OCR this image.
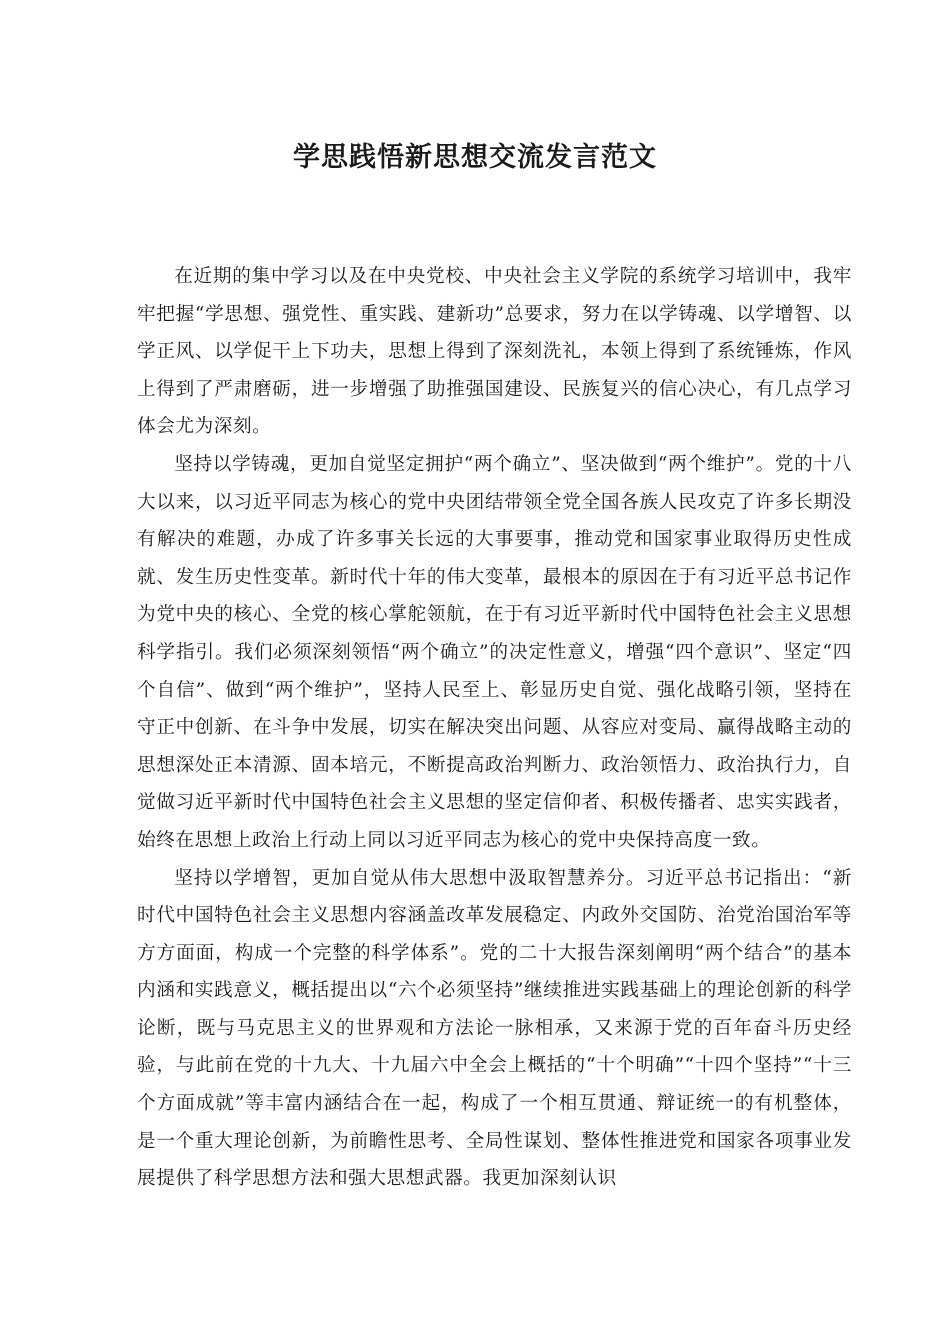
学思践悟新思想交流发言范文

在近期的集中学习以及在中央党校、中央社会主义学院的系统学习培训中，我牢牢把握“学思想、强党性、重实践、建新功”总要求，努力在以学铸魂、以学增智、以学正风、以学促干上下功夫，思想上得到了深刻洗礼，本领上得到了系统锤炼，作风上得到了严肃磨砺，进一步增强了助推强国建设、民族复兴的信心决心，有几点学习体会尤为深刻。

坚持以学铸魂，更加自觉坚定拥护“两个确立”、坚决做到“两个维护”。党的十八大以来，以习近平同志为核心的党中央团结带领全党全国各族人民攻克了许多长期没有解决的难题，办成了许多事关长远的大事要事，推动党和国家事业取得历史性成就、发生历史性变革。新时代十年的伟大变革，最根本的原因在于有习近平总书记作为党中央的核心、全党的核心掌舵领航，在于有习近平新时代中国特色社会主义思想科学指引。我们必须深刻领悟“两个确立”的决定性意义，增强“四个意识”、坚定“四个自信”、做到“两个维护”，坚持人民至上、彰显历史自觉、强化战略引领，坚持在守正中创新、在斗争中发展，切实在解决突出问题、从容应对变局、赢得战略主动的思想深处正本清源、固本培元，不断提高政治判断力、政治领悟力、政治执行力，自觉做习近平新时代中国特色社会主义思想的坚定信仰者、积极传播者、忠实实践者，始终在思想上政治上行动上同以习近平同志为核心的党中央保持高度一致。

坚持以学增智，更加自觉从伟大思想中汲取智慧养分。习近平总书记指出：“新时代中国特色社会主义思想内容涵盖改革发展稳定、内政外交国防、治党治国治军等方方面面，构成一个完整的科学体系”。党的二十大报告深刻阐明“两个结合”的基本内涵和实践意义，概括提出以“六个必须坚持”继续推进实践基础上的理论创新的科学论断，既与马克思主义的世界观和方法论一脉相承，又来源于党的百年奋斗历史经验，与此前在党的十九大、十九届六中全会上概括的“十个明确”“十四个坚持”“十三个方面成就”等丰富内涵结合在一起，构成了一个相互贯通、辩证统一的有机整体，是一个重大理论创新，为前瞻性思考、全局性谋划、整体性推进党和国家各项事业发展提供了科学思想方法和强大思想武器。我更加深刻认识
